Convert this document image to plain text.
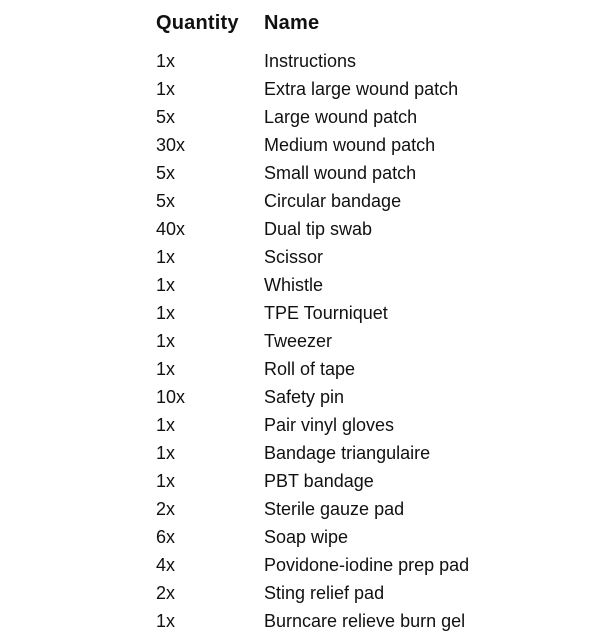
Quantity	Name
1x	Instructions
1x	Extra large wound patch
5x	Large wound patch
30x	Medium wound patch
5x	Small wound patch
5x	Circular bandage
40x	Dual tip swab
1x	Scissor
1x	Whistle
1x	TPE Tourniquet
1x	Tweezer
1x	Roll of tape
10x	Safety pin
1x	Pair vinyl gloves
1x	Bandage triangulaire
1x	PBT bandage
2x	Sterile gauze pad
6x	Soap wipe
4x	Povidone-iodine prep pad
2x	Sting relief pad
1x	Burncare relieve burn gel
